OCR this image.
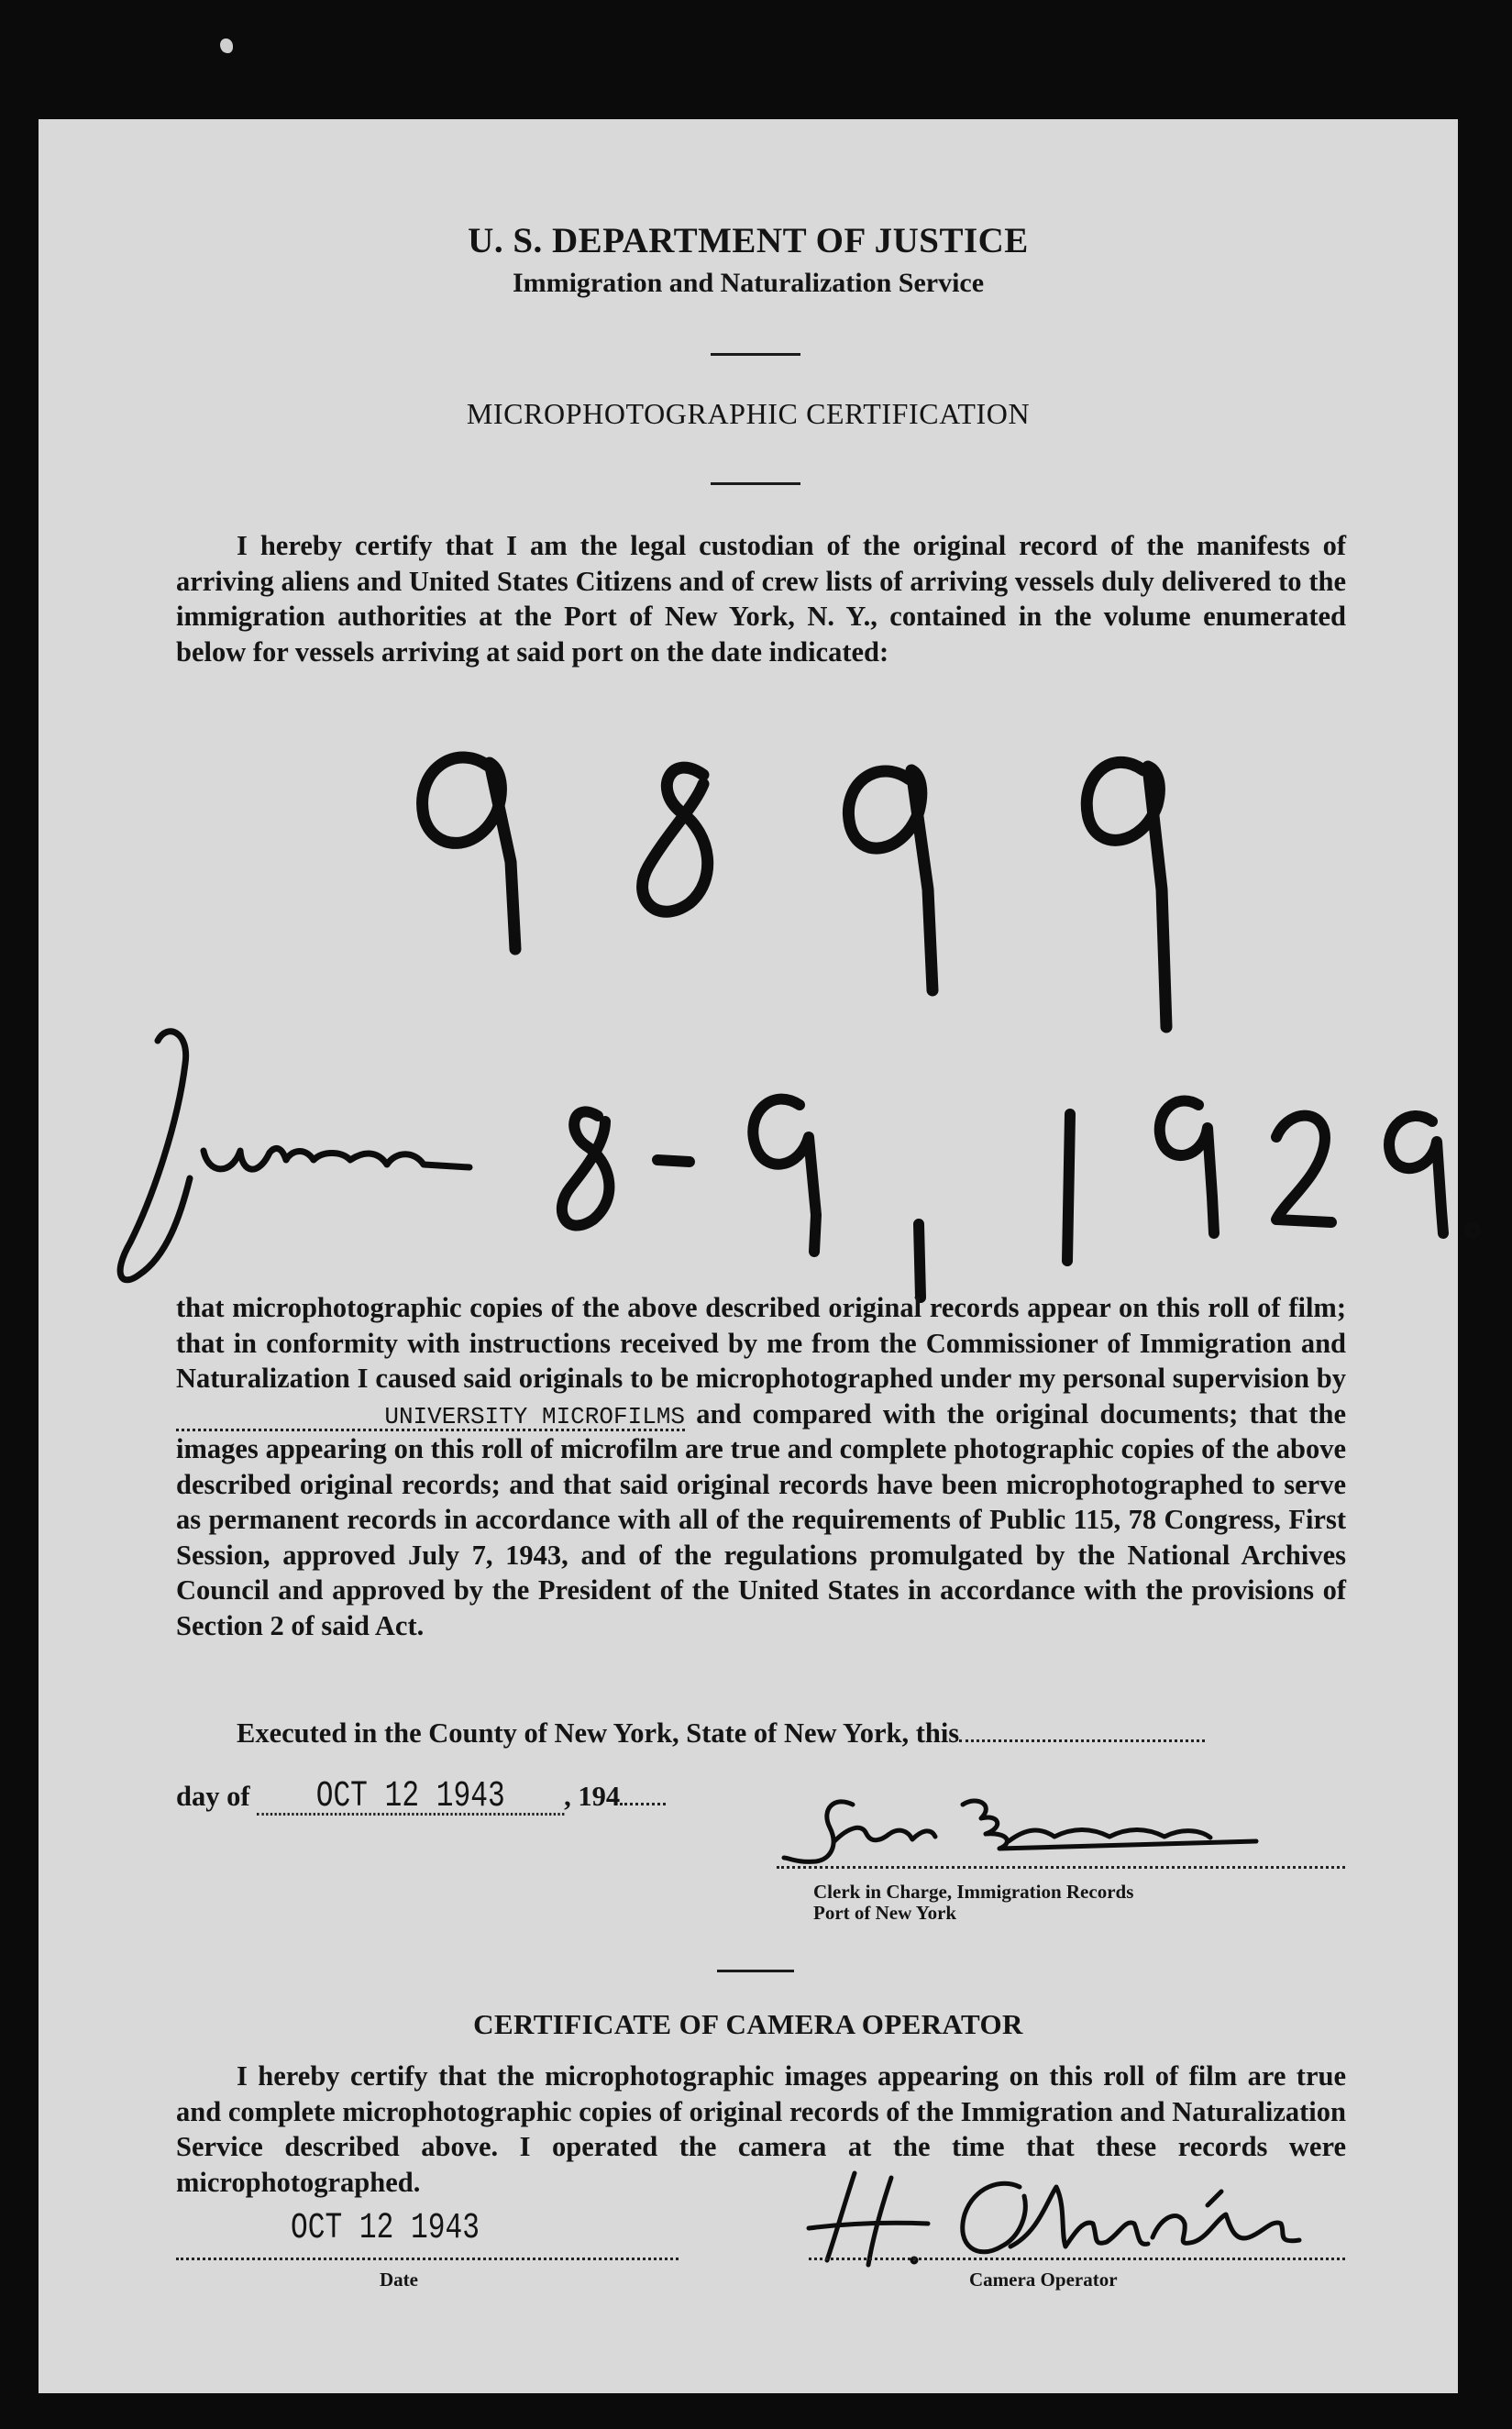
U. S. DEPARTMENT OF JUSTICE
Immigration and Naturalization Service
MICROPHOTOGRAPHIC CERTIFICATION

I hereby certify that I am the legal custodian of the original record of the manifests of arriving aliens and United States Citizens and of crew lists of arriving vessels duly delivered to the immigration authorities at the Port of New York, N. Y., contained in the volume enumerated below for vessels arriving at said port on the date indicated:

that microphotographic copies of the above described original records appear on this roll of film; that in conformity with instructions received by me from the Commissioner of Immigration and Naturalization I caused said originals to be microphotographed under my personal supervision by UNIVERSITY MICROFILMS and compared with the original documents; that the images appearing on this roll of microfilm are true and complete photographic copies of the above described original records; and that said original records have been microphotographed to serve as permanent records in accordance with all of the requirements of Public 115, 78 Congress, First Session, approved July 7, 1943, and of the regulations promulgated by the National Archives Council and approved by the President of the United States in accordance with the provisions of Section 2 of said Act.

Executed in the County of New York, State of New York, this

day of OCT 12 1943 , 194

Clerk in Charge, Immigration Records
Port of New York
CERTIFICATE OF CAMERA OPERATOR

I hereby certify that the microphotographic images appearing on this roll of film are true and complete microphotographic copies of original records of the Immigration and Naturalization Service described above. I operated the camera at the time that these records were microphotographed.

OCT 12 1943
Date	Camera Operator
